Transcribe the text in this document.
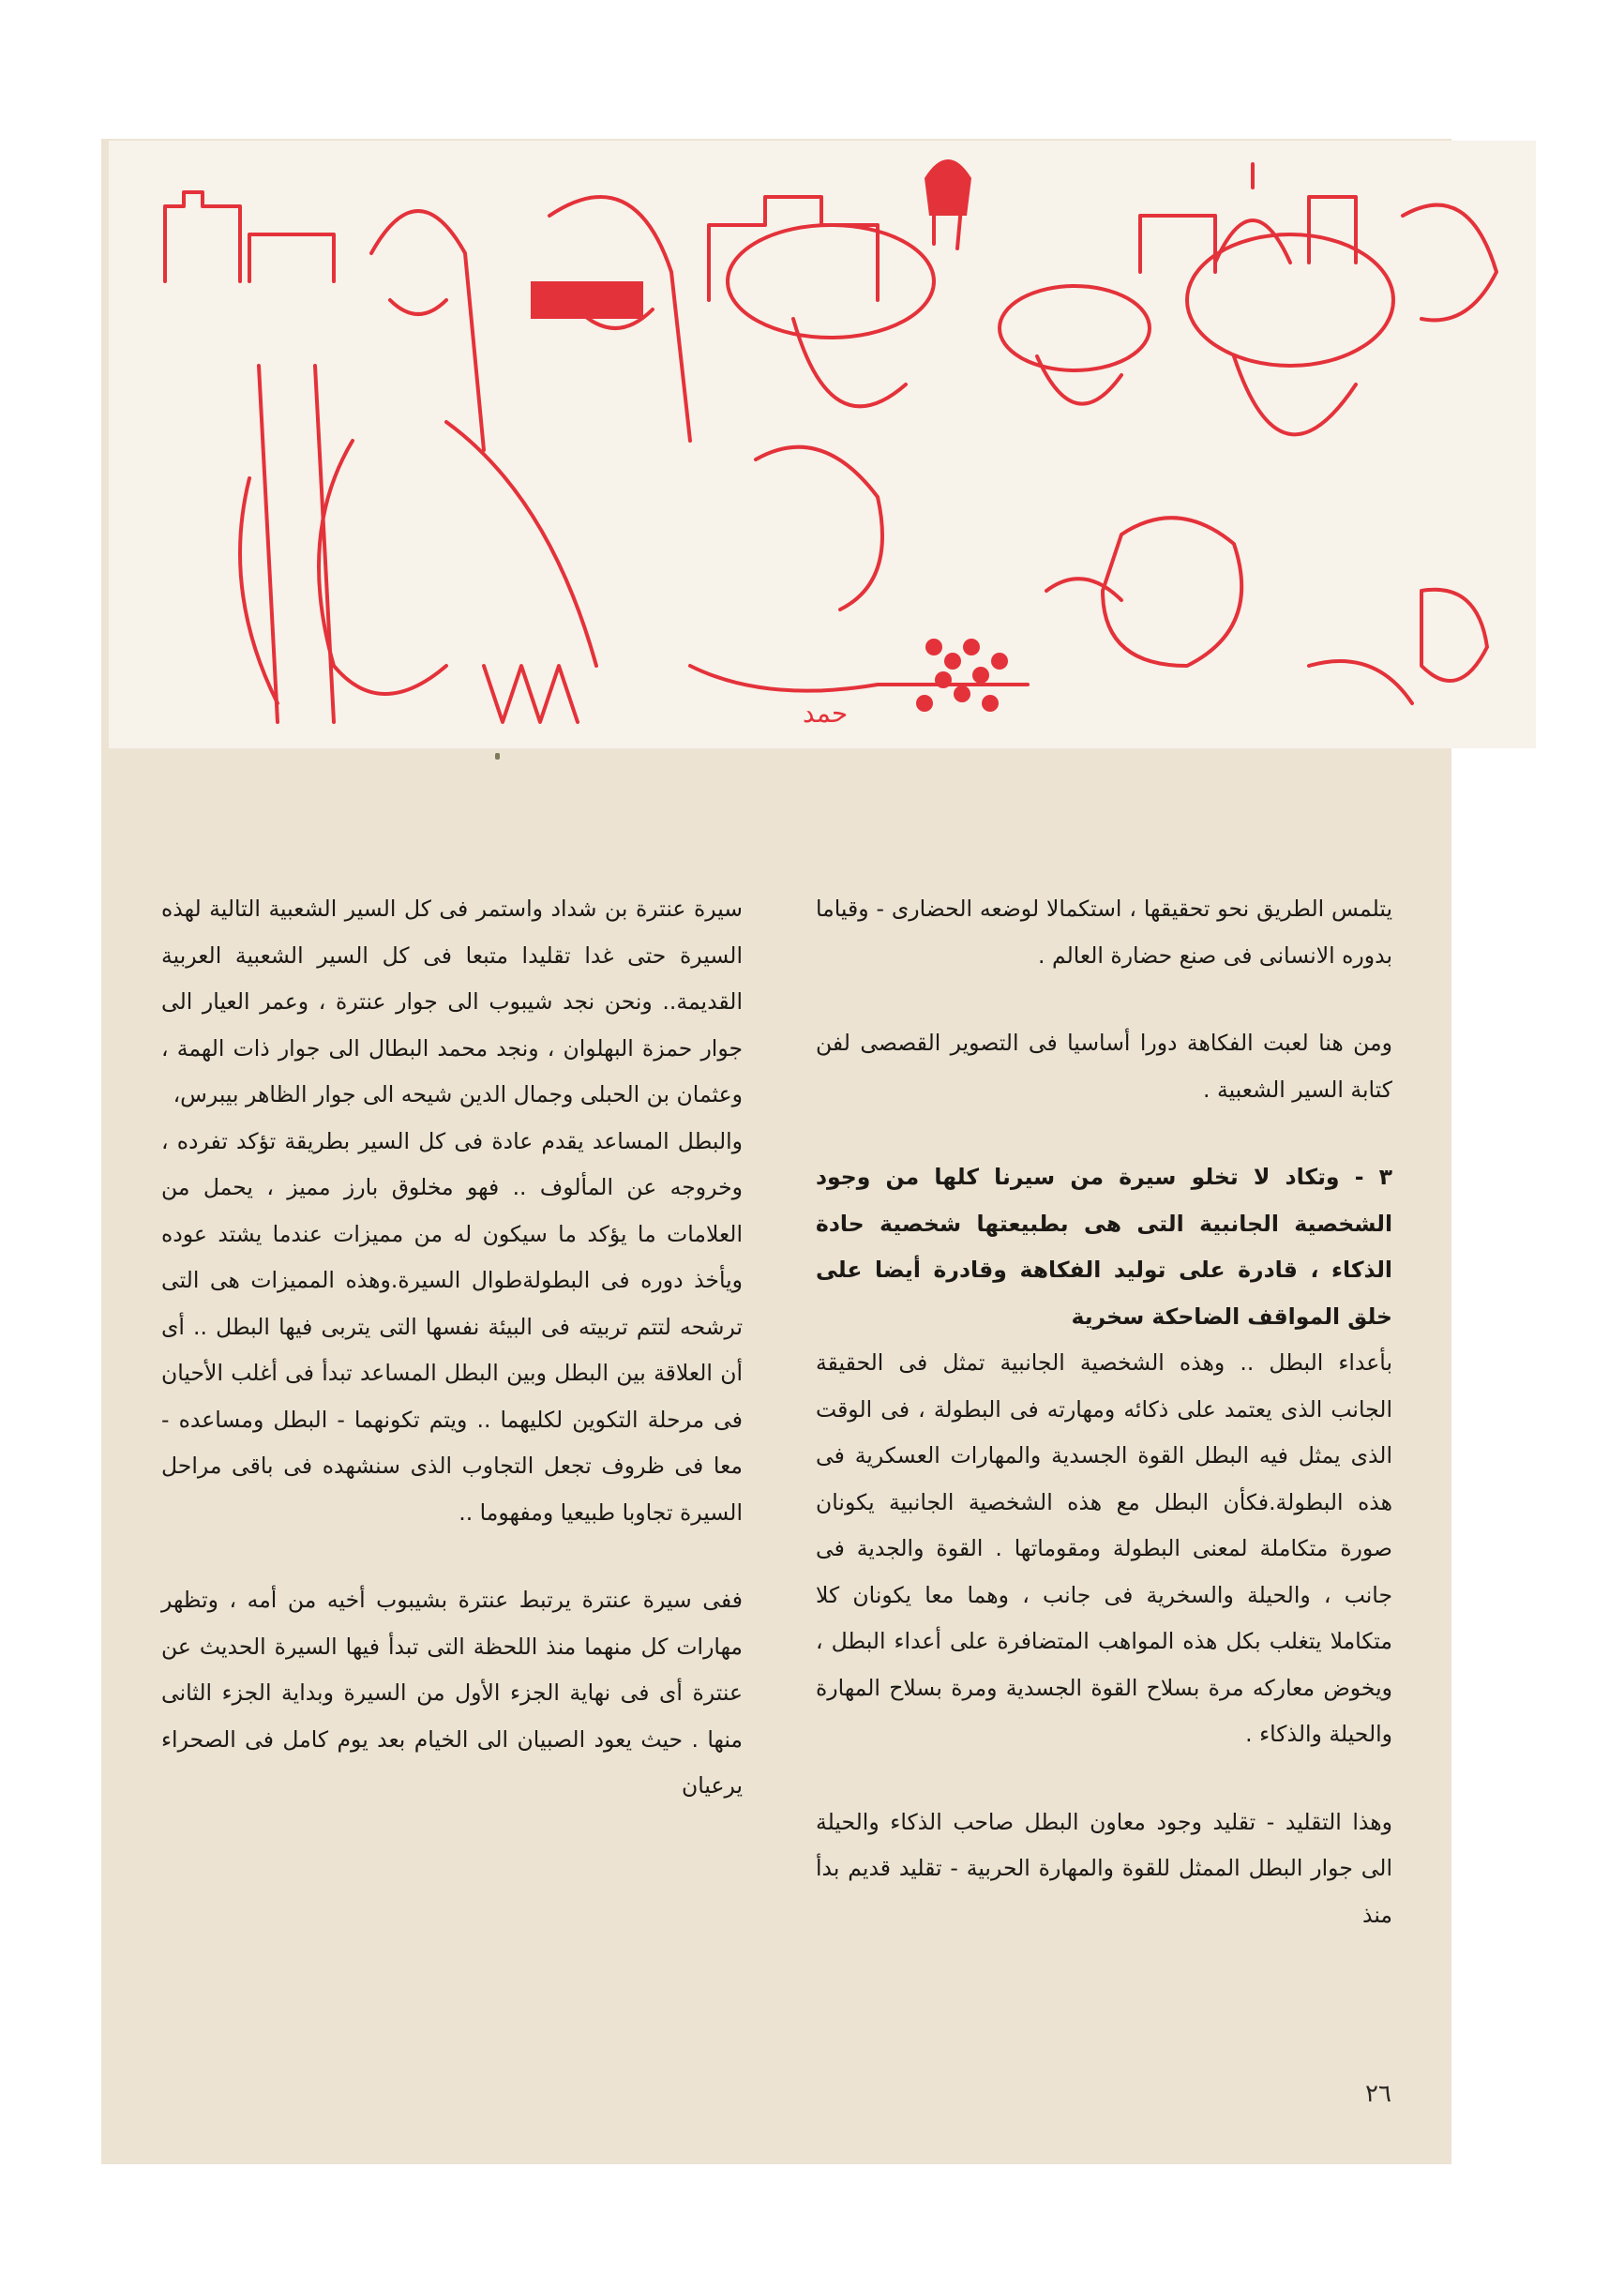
حمد

يتلمس الطريق نحو تحقيقها ، استكمالا لوضعه الحضارى - وقياما بدوره الانسانى فى صنع حضارة العالم .

ومن هنا لعبت الفكاهة دورا أساسيا فى التصوير القصصى لفن كتابة السير الشعبية .

٣ - وتكاد لا تخلو سيرة من سيرنا كلها من وجود الشخصية الجانبية التى هى بطبيعتها شخصية حادة الذكاء ، قادرة على توليد الفكاهة وقادرة أيضا على خلق المواقف الضاحكة سخرية

بأعداء البطل .. وهذه الشخصية الجانبية تمثل فى الحقيقة الجانب الذى يعتمد على ذكائه ومهارته فى البطولة ، فى الوقت الذى يمثل فيه البطل القوة الجسدية والمهارات العسكرية فى هذه البطولة.فكأن البطل مع هذه الشخصية الجانبية يكونان صورة متكاملة لمعنى البطولة ومقوماتها . القوة والجدية فى جانب ، والحيلة والسخرية فى جانب ، وهما معا يكونان كلا متكاملا يتغلب بكل هذه المواهب المتضافرة على أعداء البطل ، ويخوض معاركه مرة بسلاح القوة الجسدية ومرة بسلاح المهارة والحيلة والذكاء .

وهذا التقليد - تقليد وجود معاون البطل صاحب الذكاء والحيلة الى جوار البطل الممثل للقوة والمهارة الحربية - تقليد قديم بدأ منذ

سيرة عنترة بن شداد واستمر فى كل السير الشعبية التالية لهذه السيرة حتى غدا تقليدا متبعا فى كل السير الشعبية العربية القديمة.. ونحن نجد شيبوب الى جوار عنترة ، وعمر العيار الى جوار حمزة البهلوان ، ونجد محمد البطال الى جوار ذات الهمة ، وعثمان بن الحبلى وجمال الدين شيحه الى جوار الظاهر بيبرس،

والبطل المساعد يقدم عادة فى كل السير بطريقة تؤكد تفرده ، وخروجه عن المألوف .. فهو مخلوق بارز مميز ، يحمل من العلامات ما يؤكد ما سيكون له من مميزات عندما يشتد عوده ويأخذ دوره فى البطولةطوال السيرة.وهذه المميزات هى التى ترشحه لتتم تربيته فى البيئة نفسها التى يتربى فيها البطل .. أى أن العلاقة بين البطل وبين البطل المساعد تبدأ فى أغلب الأحيان فى مرحلة التكوين لكليهما .. ويتم تكونهما - البطل ومساعده - معا فى ظروف تجعل التجاوب الذى سنشهده فى باقى مراحل السيرة تجاوبا طبيعيا ومفهوما ..

ففى سيرة عنترة يرتبط عنترة بشيبوب أخيه من أمه ، وتظهر مهارات كل منهما منذ اللحظة التى تبدأ فيها السيرة الحديث عن عنترة أى فى نهاية الجزء الأول من السيرة وبداية الجزء الثانى منها . حيث يعود الصبيان الى الخيام بعد يوم كامل فى الصحراء يرعيان

٢٦
